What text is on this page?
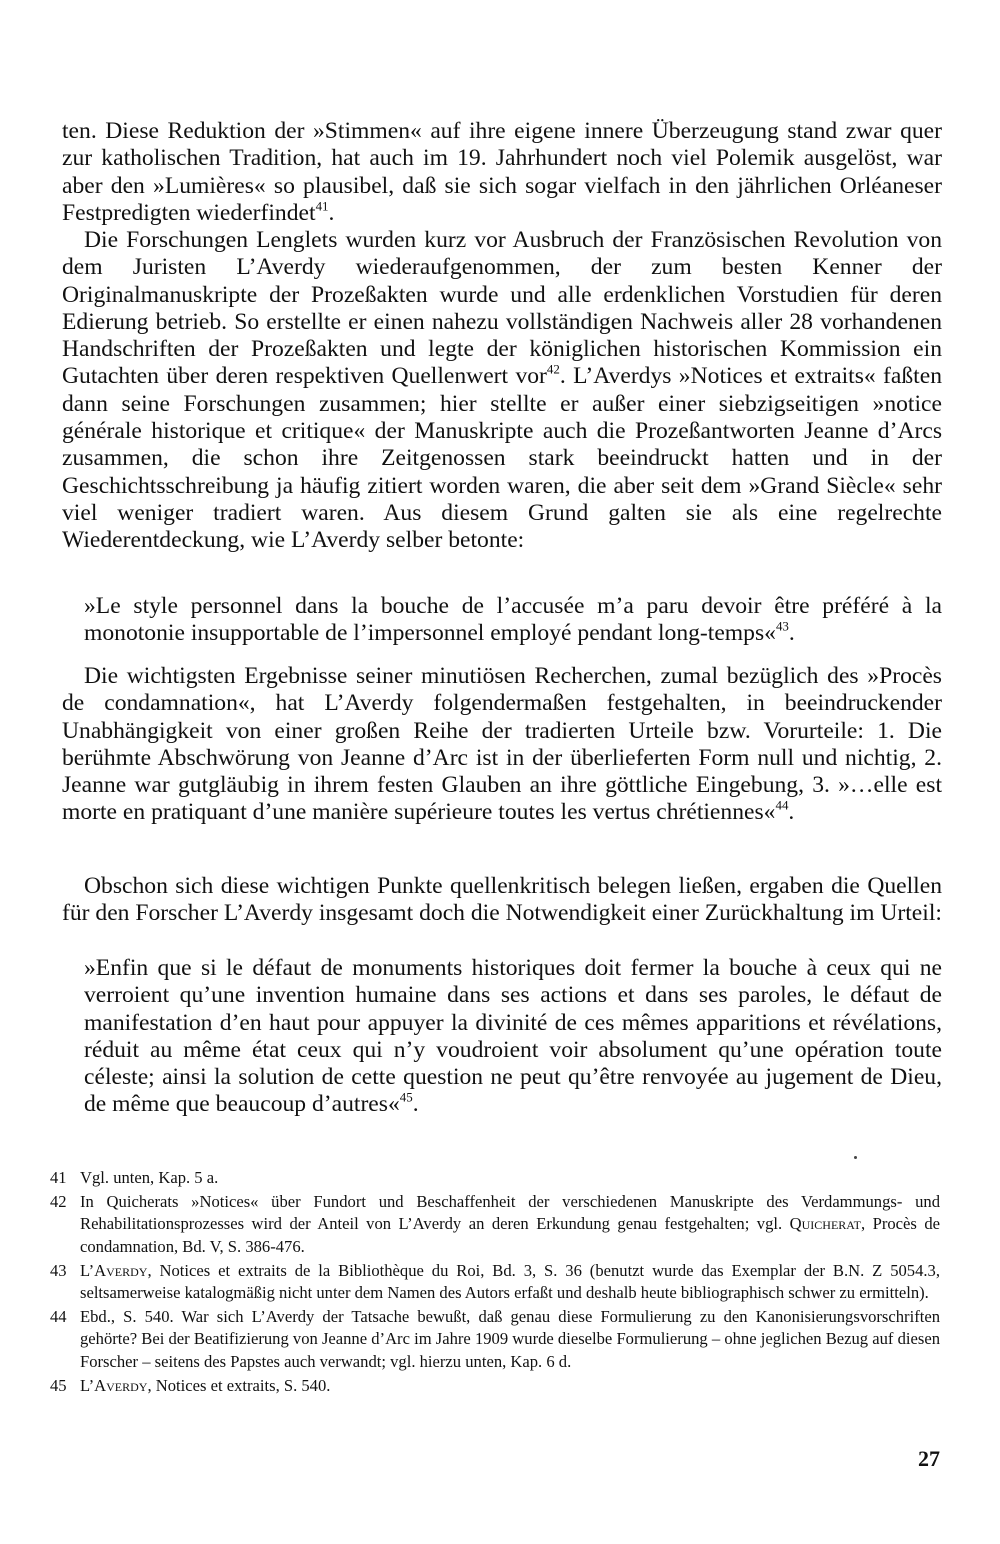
ten. Diese Reduktion der »Stimmen« auf ihre eigene innere Überzeugung stand zwar quer zur katholischen Tradition, hat auch im 19. Jahrhundert noch viel Polemik ausgelöst, war aber den »Lumières« so plausibel, daß sie sich sogar vielfach in den jährlichen Orléaneser Festpredigten wiederfindet$^{41}$.

Die Forschungen Lenglets wurden kurz vor Ausbruch der Französischen Revolution von dem Juristen L’Averdy wiederaufgenommen, der zum besten Kenner der Originalmanuskripte der Prozeßakten wurde und alle erdenklichen Vorstudien für deren Edierung betrieb. So erstellte er einen nahezu vollständigen Nachweis aller 28 vorhandenen Handschriften der Prozeßakten und legte der königlichen historischen Kommission ein Gutachten über deren respektiven Quellenwert vor$^{42}$. L’Averdys »Notices et extraits« faßten dann seine Forschungen zusammen; hier stellte er außer einer siebzigseitigen »notice générale historique et critique« der Manuskripte auch die Prozeßantworten Jeanne d’Arcs zusammen, die schon ihre Zeitgenossen stark beeindruckt hatten und in der Geschichtsschreibung ja häufig zitiert worden waren, die aber seit dem »Grand Siècle« sehr viel weniger tradiert waren. Aus diesem Grund galten sie als eine regelrechte Wiederentdeckung, wie L’Averdy selber betonte:

»Le style personnel dans la bouche de l’accusée m’a paru devoir être préféré à la monotonie insupportable de l’impersonnel employé pendant long-temps«$^{43}$.

Die wichtigsten Ergebnisse seiner minutiösen Recherchen, zumal bezüglich des »Procès de condamnation«, hat L’Averdy folgendermaßen festgehalten, in beeindruckender Unabhängigkeit von einer großen Reihe der tradierten Urteile bzw. Vorurteile: 1. Die berühmte Abschwörung von Jeanne d’Arc ist in der überlieferten Form null und nichtig, 2. Jeanne war gutgläubig in ihrem festen Glauben an ihre göttliche Eingebung, 3. »…elle est morte en pratiquant d’une manière supérieure toutes les vertus chrétiennes«$^{44}$.

Obschon sich diese wichtigen Punkte quellenkritisch belegen ließen, ergaben die Quellen für den Forscher L’Averdy insgesamt doch die Notwendigkeit einer Zurückhaltung im Urteil:

»Enfin que si le défaut de monuments historiques doit fermer la bouche à ceux qui ne verroient qu’une invention humaine dans ses actions et dans ses paroles, le défaut de manifestation d’en haut pour appuyer la divinité de ces mêmes apparitions et révélations, réduit au même état ceux qui n’y voudroient voir absolument qu’une opération toute céleste; ainsi la solution de cette question ne peut qu’être renvoyée au jugement de Dieu, de même que beaucoup d’autres«$^{45}$.

41 Vgl. unten, Kap. 5 a.
42 In Quicherats »Notices« über Fundort und Beschaffenheit der verschiedenen Manuskripte des Verdammungs- und Rehabilitationsprozesses wird der Anteil von L’Averdy an deren Erkundung genau festgehalten; vgl. Quicherat, Procès de condamnation, Bd. V, S. 386-476.
43 L’Averdy, Notices et extraits de la Bibliothèque du Roi, Bd. 3, S. 36 (benutzt wurde das Exemplar der B.N. Z 5054.3, seltsamerweise katalogmäßig nicht unter dem Namen des Autors erfaßt und deshalb heute bibliographisch schwer zu ermitteln).
44 Ebd., S. 540. War sich L’Averdy der Tatsache bewußt, daß genau diese Formulierung zu den Kanonisierungsvorschriften gehörte? Bei der Beatifizierung von Jeanne d’Arc im Jahre 1909 wurde dieselbe Formulierung – ohne jeglichen Bezug auf diesen Forscher – seitens des Papstes auch verwandt; vgl. hierzu unten, Kap. 6 d.
45 L’Averdy, Notices et extraits, S. 540.
27
